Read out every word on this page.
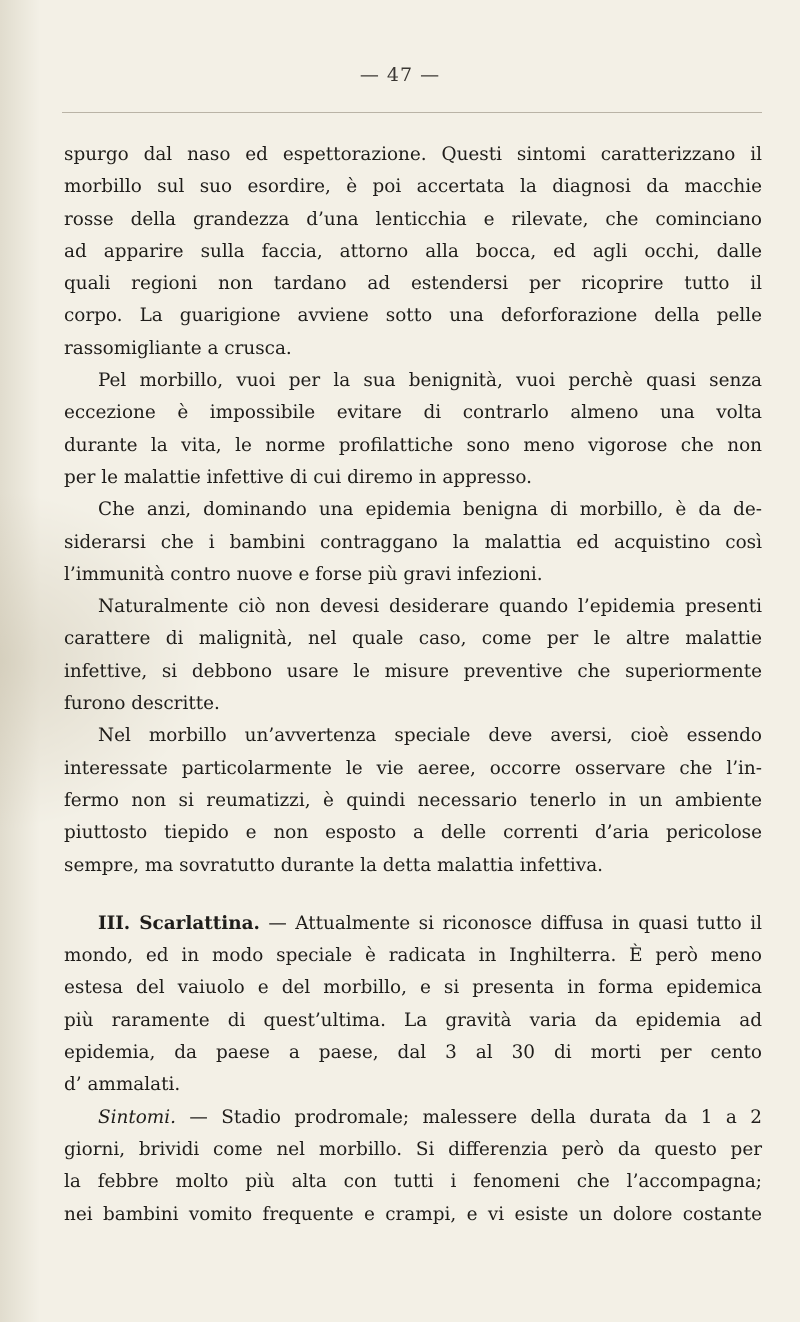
— 47 —
spurgo dal naso ed espettorazione. Questi sintomi caratterizzano il
morbillo sul suo esordire, è poi accertata la diagnosi da macchie
rosse della grandezza d’una lenticchia e rilevate, che cominciano
ad apparire sulla faccia, attorno alla bocca, ed agli occhi, dalle
quali regioni non tardano ad estendersi per ricoprire tutto il
corpo. La guarigione avviene sotto una deforforazione della pelle
rassomigliante a crusca.
Pel morbillo, vuoi per la sua benignità, vuoi perchè quasi senza
eccezione è impossibile evitare di contrarlo almeno una volta
durante la vita, le norme profilattiche sono meno vigorose che non
per le malattie infettive di cui diremo in appresso.
Che anzi, dominando una epidemia benigna di morbillo, è da de-
siderarsi che i bambini contraggano la malattia ed acquistino così
l’immunità contro nuove e forse più gravi infezioni.
Naturalmente ciò non devesi desiderare quando l’epidemia presenti
carattere di malignità, nel quale caso, come per le altre malattie
infettive, si debbono usare le misure preventive che superiormente
furono descritte.
Nel morbillo un’avvertenza speciale deve aversi, cioè essendo
interessate particolarmente le vie aeree, occorre osservare che l’in-
fermo non si reumatizzi, è quindi necessario tenerlo in un ambiente
piuttosto tiepido e non esposto a delle correnti d’aria pericolose
sempre, ma sovratutto durante la detta malattia infettiva.
III. Scarlattina. — Attualmente si riconosce diffusa in quasi tutto il
mondo, ed in modo speciale è radicata in Inghilterra. È però meno
estesa del vaiuolo e del morbillo, e si presenta in forma epidemica
più raramente di quest’ultima. La gravità varia da epidemia ad
epidemia, da paese a paese, dal 3 al 30 di morti per cento
d’ ammalati.
Sintomi. — Stadio prodromale; malessere della durata da 1 a 2
giorni, brividi come nel morbillo. Si differenzia però da questo per
la febbre molto più alta con tutti i fenomeni che l’accompagna;
nei bambini vomito frequente e crampi, e vi esiste un dolore costante
